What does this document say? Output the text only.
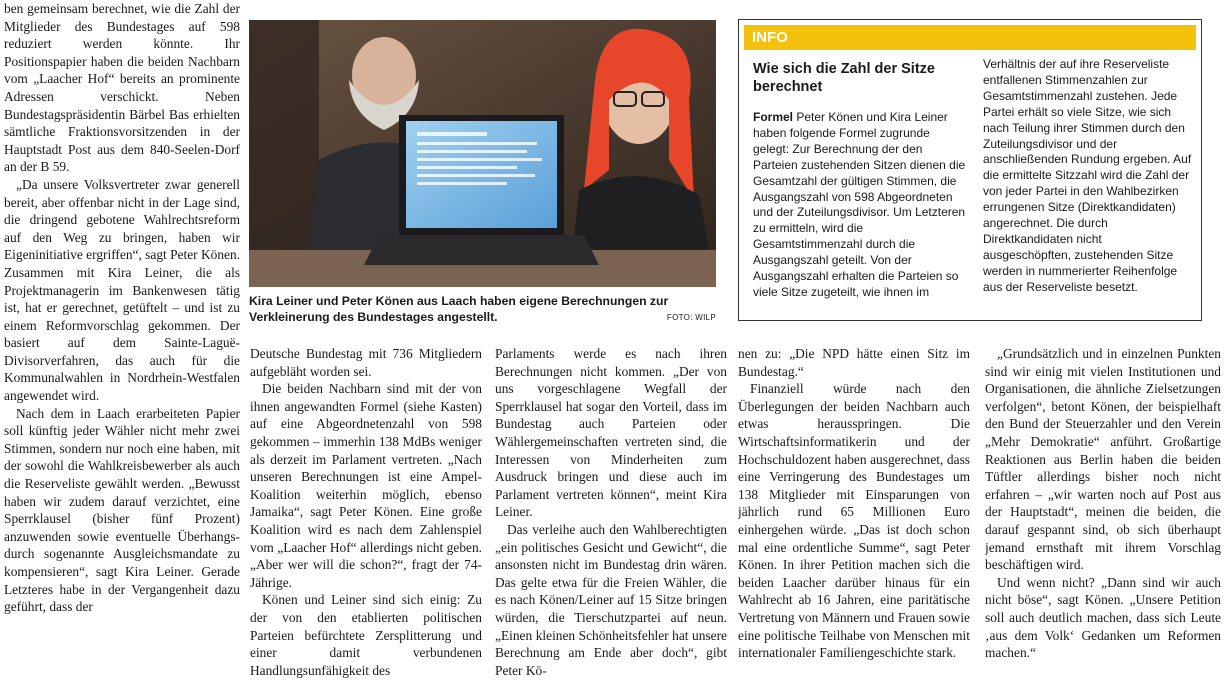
ben gemeinsam berechnet, wie die Zahl der Mitglieder des Bundestages auf 598 reduziert werden könnte. Ihr Positionspapier haben die beiden Nachbarn vom „Laacher Hof“ bereits an prominente Adressen verschickt. Neben Bundestagspräsidentin Bärbel Bas erhielten sämtliche Fraktionsvorsitzenden in der Hauptstadt Post aus dem 840-Seelen-Dorf an der B 59.

„Da unsere Volksvertreter zwar generell bereit, aber offenbar nicht in der Lage sind, die dringend gebotene Wahlrechtsreform auf den Weg zu bringen, haben wir Eigeninitiative ergriffen“, sagt Peter Könen. Zusammen mit Kira Leiner, die als Projektmanagerin im Bankenwesen tätig ist, hat er gerechnet, getüftelt – und ist zu einem Reformvorschlag gekommen. Der basiert auf dem Sainte-Laguë-Divisorverfahren, das auch für die Kommunalwahlen in Nordrhein-Westfalen angewendet wird.

Nach dem in Laach erarbeiteten Papier soll künftig jeder Wähler nicht mehr zwei Stimmen, sondern nur noch eine haben, mit der sowohl die Wahlkreisbewerber als auch die Reserveliste gewählt werden. „Bewusst haben wir zudem darauf verzichtet, eine Sperrklausel (bisher fünf Prozent) anzuwenden sowie eventuelle Überhangs- durch sogenannte Ausgleichsmandate zu kompensieren“, sagt Kira Leiner. Gerade Letzteres habe in der Vergangenheit dazu geführt, dass der

Kira Leiner und Peter Könen aus Laach haben eigene Berechnungen zur Verkleinerung des Bundestages angestellt.	FOTO: WILP
INFO
Wie sich die Zahl der Sitze berechnet

Formel Peter Könen und Kira Leiner haben folgende Formel zugrunde gelegt: Zur Berechnung der den Parteien zustehenden Sitzen dienen die Gesamtzahl der gültigen Stimmen, die Ausgangszahl von 598 Abgeordneten und der Zuteilungsdivisor. Um Letzteren zu ermitteln, wird die Gesamtstimmenzahl durch die Ausgangszahl geteilt. Von der Ausgangszahl erhalten die Parteien so viele Sitze zugeteilt, wie ihnen im

Verhältnis der auf ihre Reserveliste entfallenen Stimmenzahlen zur Gesamtstimmenzahl zustehen. Jede Partei erhält so viele Sitze, wie sich nach Teilung ihrer Stimmen durch den Zuteilungsdivisor und der anschließenden Rundung ergeben. Auf die ermittelte Sitzzahl wird die Zahl der von jeder Partei in den Wahlbezirken errungenen Sitze (Direktkandidaten) angerechnet. Die durch Direktkandidaten nicht ausgeschöpften, zustehenden Sitze werden in nummerierter Reihenfolge aus der Reserveliste besetzt.

Deutsche Bundestag mit 736 Mitgliedern aufgebläht worden sei.

Die beiden Nachbarn sind mit der von ihnen angewandten Formel (siehe Kasten) auf eine Abgeordnetenzahl von 598 gekommen – immerhin 138 MdBs weniger als derzeit im Parlament vertreten. „Nach unseren Berechnungen ist eine Ampel-Koalition weiterhin möglich, ebenso Jamaika“, sagt Peter Könen. Eine große Koalition wird es nach dem Zahlenspiel vom „Laacher Hof“ allerdings nicht geben. „Aber wer will die schon?“, fragt der 74-Jährige.

Könen und Leiner sind sich einig: Zu der von den etablierten politischen Parteien befürchtete Zersplitterung und einer damit verbundenen Handlungsunfähigkeit des

Parlaments werde es nach ihren Berechnungen nicht kommen. „Der von uns vorgeschlagene Wegfall der Sperrklausel hat sogar den Vorteil, dass im Bundestag auch Parteien oder Wählergemeinschaften vertreten sind, die Interessen von Minderheiten zum Ausdruck bringen und diese auch im Parlament vertreten können“, meint Kira Leiner.

Das verleihe auch den Wahlberechtigten „ein politisches Gesicht und Gewicht“, die ansonsten nicht im Bundestag drin wären. Das gelte etwa für die Freien Wähler, die es nach Könen/Leiner auf 15 Sitze bringen würden, die Tierschutzpartei auf neun. „Einen kleinen Schönheitsfehler hat unsere Berechnung am Ende aber doch“, gibt Peter Kö-

nen zu: „Die NPD hätte einen Sitz im Bundestag.“

Finanziell würde nach den Überlegungen der beiden Nachbarn auch etwas herausspringen. Die Wirtschaftsinformatikerin und der Hochschuldozent haben ausgerechnet, dass eine Verringerung des Bundestages um 138 Mitglieder mit Einsparungen von jährlich rund 65 Millionen Euro einhergehen würde. „Das ist doch schon mal eine ordentliche Summe“, sagt Peter Könen. In ihrer Petition machen sich die beiden Laacher darüber hinaus für ein Wahlrecht ab 16 Jahren, eine paritätische Vertretung von Männern und Frauen sowie eine politische Teilhabe von Menschen mit internationaler Familiengeschichte stark.

„Grundsätzlich und in einzelnen Punkten sind wir einig mit vielen Institutionen und Organisationen, die ähnliche Zielsetzungen verfolgen“, betont Könen, der beispielhaft den Bund der Steuerzahler und den Verein „Mehr Demokratie“ anführt. Großartige Reaktionen aus Berlin haben die beiden Tüftler allerdings bisher noch nicht erfahren – „wir warten noch auf Post aus der Hauptstadt“, meinen die beiden, die darauf gespannt sind, ob sich überhaupt jemand ernsthaft mit ihrem Vorschlag beschäftigen wird.

Und wenn nicht? „Dann sind wir auch nicht böse“, sagt Könen. „Unsere Petition soll auch deutlich machen, dass sich Leute ‚aus dem Volk‘ Gedanken um Reformen machen.“
